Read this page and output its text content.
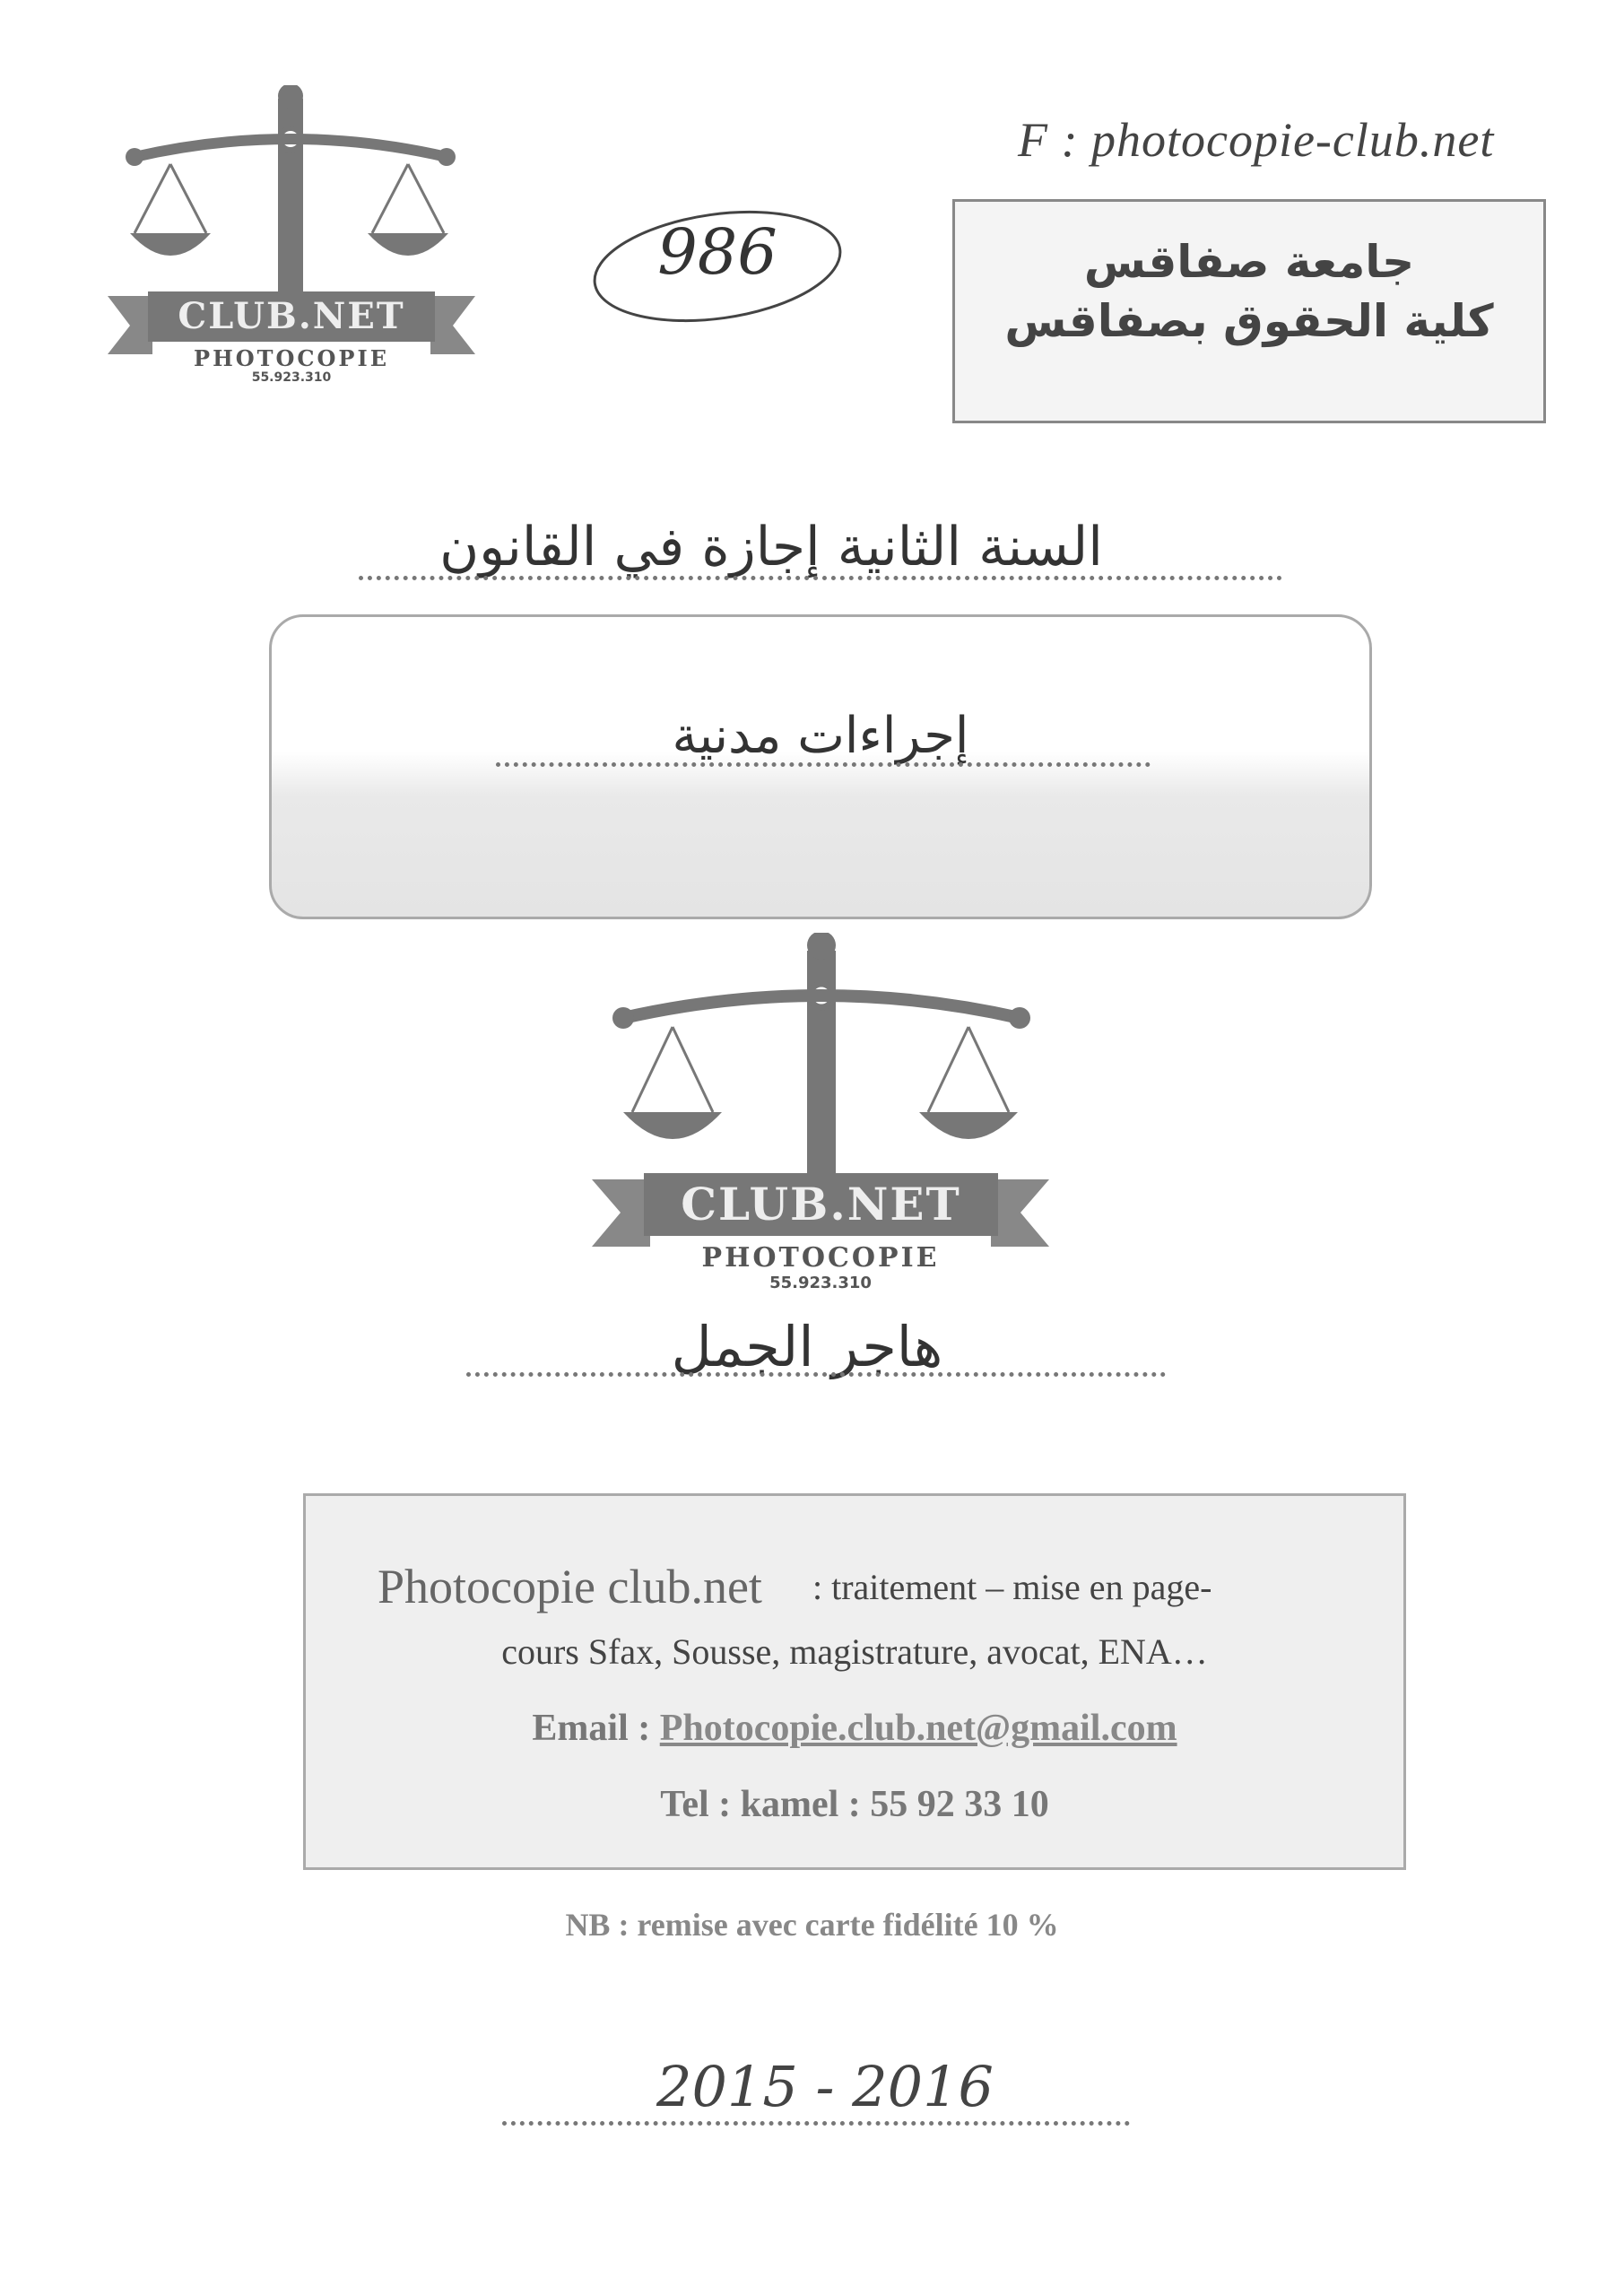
CLUB.NET
PHOTOCOPIE
55.923.310
986
F : photocopie-club.net
جامعة صفاقس
كلية الحقوق بصفاقس
السنة الثانية إجازة في القانون
إجراءات مدنية
CLUB.NET
PHOTOCOPIE
55.923.310
هاجر الجمل
Photocopie club.net : traitement – mise en page-
cours Sfax, Sousse, magistrature, avocat, ENA…
Email : Photocopie.club.net@gmail.com
Tel : kamel : 55 92 33 10
NB : remise avec carte fidélité 10 %
2015 - 2016
